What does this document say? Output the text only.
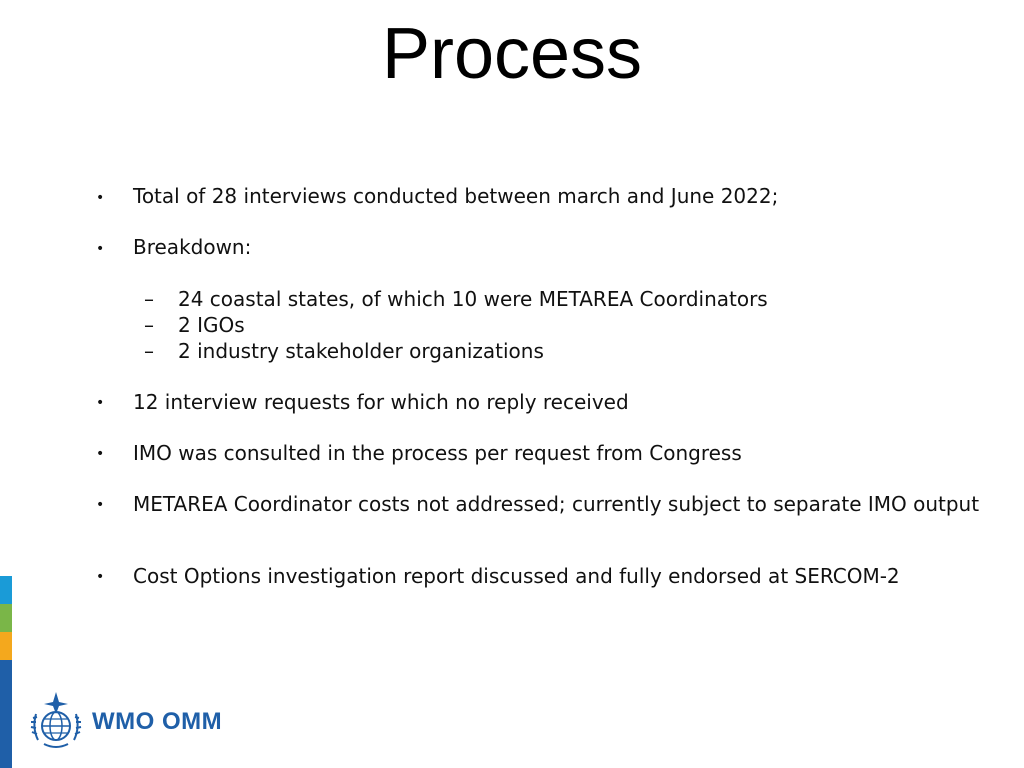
Process
• Total of 28 interviews conducted between march and June 2022;
• Breakdown:
– 24 coastal states, of which 10 were METAREA Coordinators
– 2 IGOs
– 2 industry stakeholder organizations
• 12 interview requests for which no reply received
• IMO was consulted in the process per request from Congress
• METAREA Coordinator costs not addressed; currently subject to separate IMO output
• Cost Options investigation report discussed and fully endorsed at SERCOM-2
WMO OMM
